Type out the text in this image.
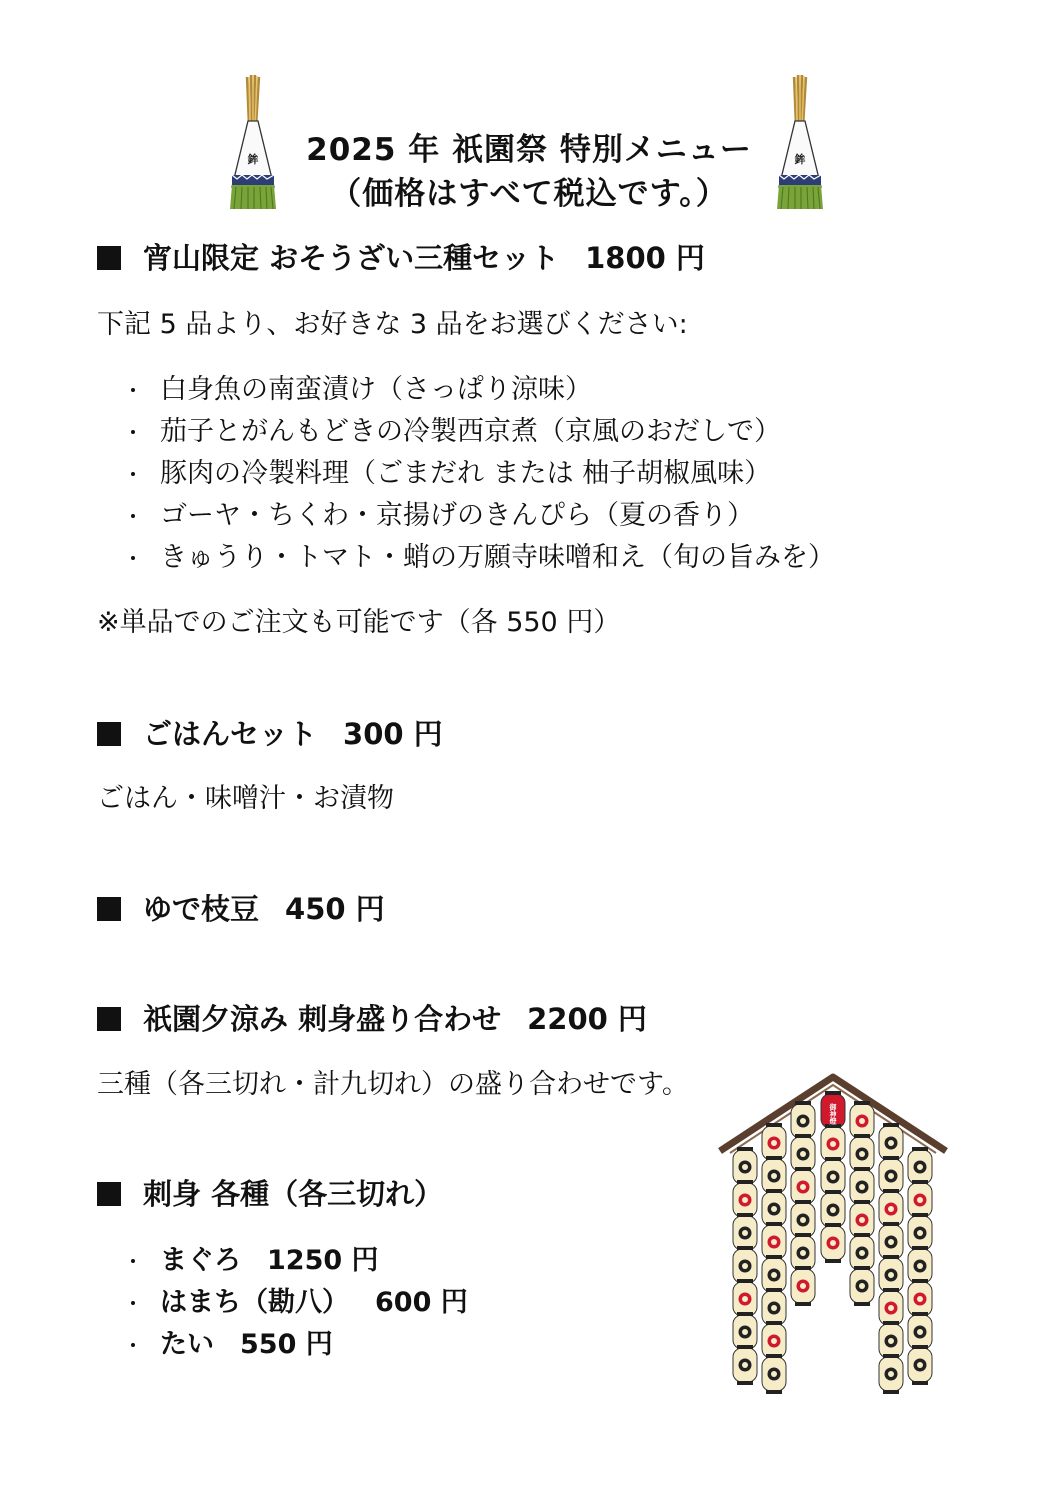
鉾	鉾
2025 年 祇園祭 特別メニュー
（価格はすべて税込です。）
宵山限定 おそうざい三種セット 1800 円
下記 5 品より、お好きな 3 品をお選びください:
白身魚の南蛮漬け（さっぱり涼味）
茄子とがんもどきの冷製西京煮（京風のおだしで）
豚肉の冷製料理（ごまだれ または 柚子胡椒風味）
ゴーヤ・ちくわ・京揚げのきんぴら（夏の香り）
きゅうり・トマト・蛸の万願寺味噌和え（旬の旨みを）
※単品でのご注文も可能です（各 550 円）
ごはんセット 300 円
ごはん・味噌汁・お漬物
ゆで枝豆 450 円
祇園夕涼み 刺身盛り合わせ 2200 円
三種（各三切れ・計九切れ）の盛り合わせです。
刺身 各種（各三切れ）
まぐろ 1250 円
はまち（勘八） 600 円
たい 550 円
御神燈
